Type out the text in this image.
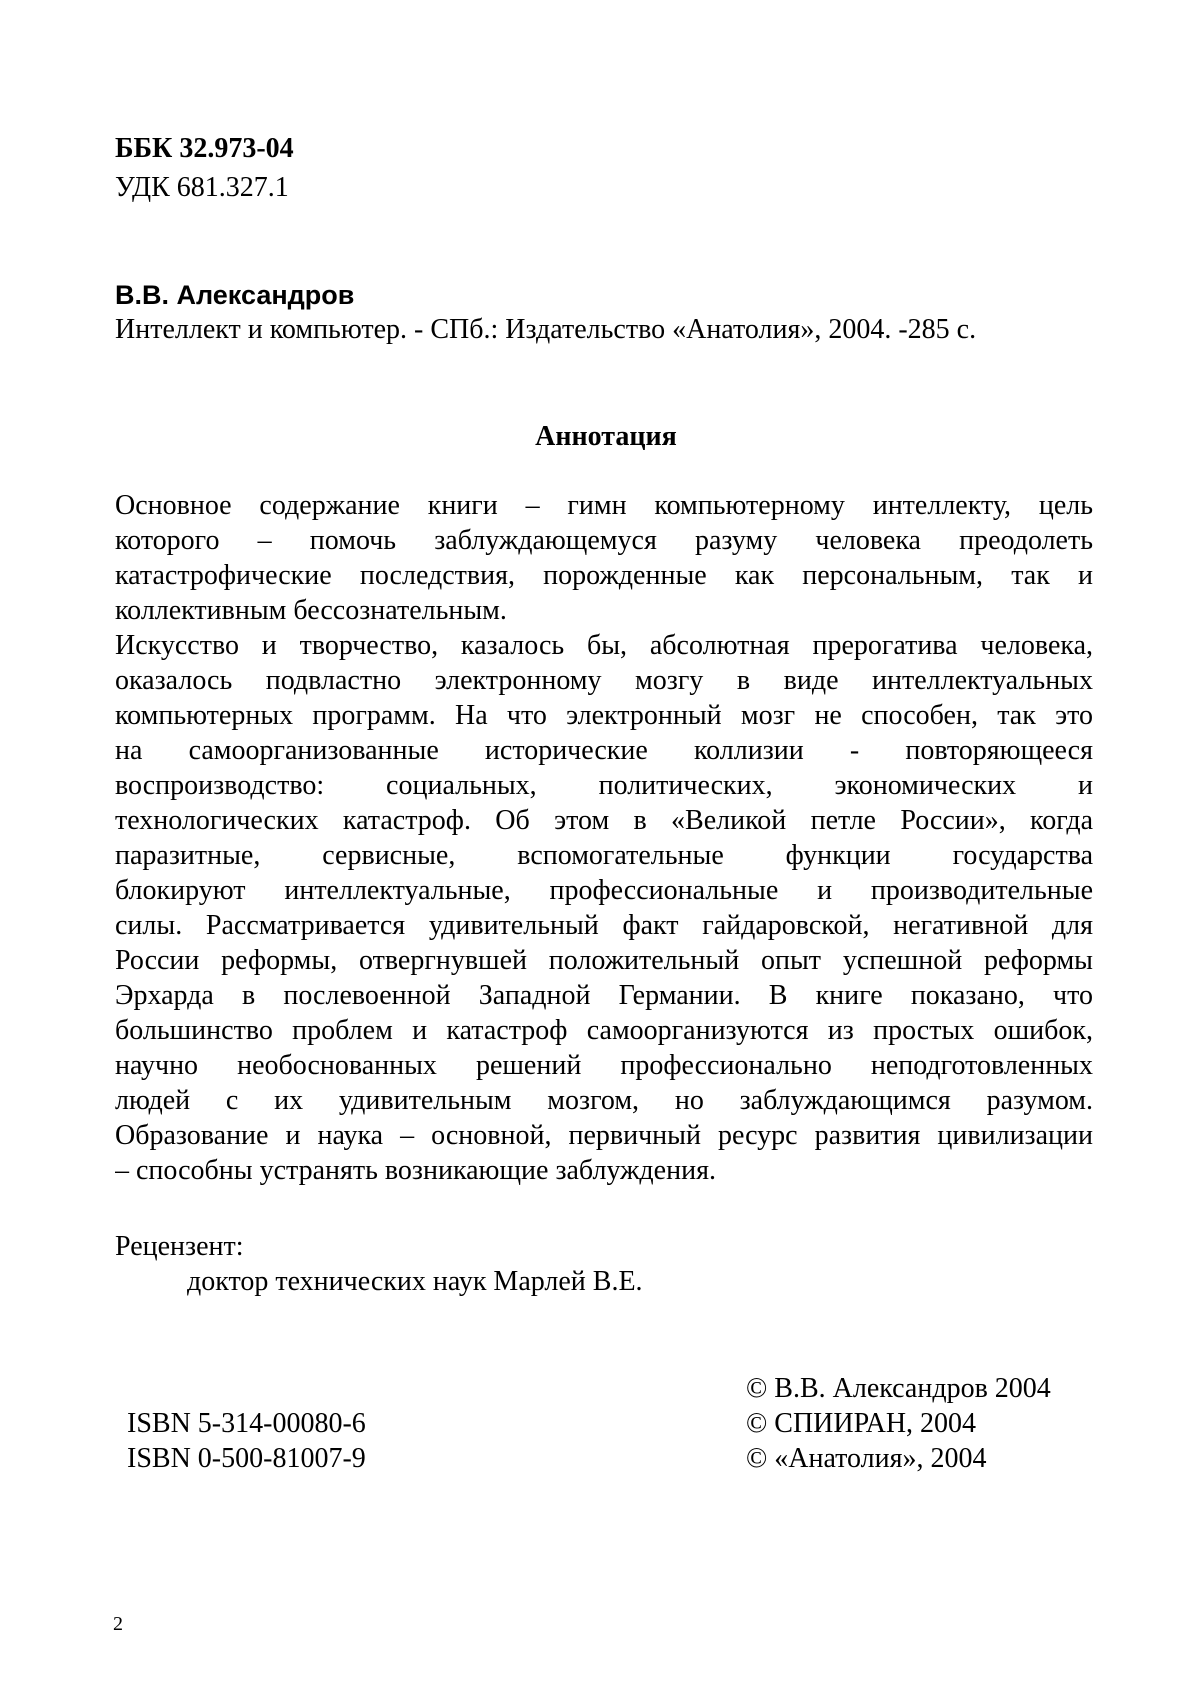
ББК 32.973-04
УДК 681.327.1
В.В. Александров
Интеллект и компьютер. - СПб.: Издательство «Анатолия», 2004. -285 с.
Аннотация
Основное содержание книги – гимн компьютерному интеллекту, цель
которого – помочь заблуждающемуся разуму человека преодолеть
катастрофические последствия, порожденные как персональным, так и
коллективным бессознательным.
Искусство и творчество, казалось бы, абсолютная прерогатива человека,
оказалось подвластно электронному мозгу в виде интеллектуальных
компьютерных программ. На что электронный мозг не способен, так это
на самоорганизованные исторические коллизии - повторяющееся
воспроизводство: социальных, политических, экономических и
технологических катастроф. Об этом в «Великой петле России», когда
паразитные, сервисные, вспомогательные функции государства
блокируют интеллектуальные, профессиональные и производительные
силы. Рассматривается удивительный факт гайдаровской, негативной для
России реформы, отвергнувшей положительный опыт успешной реформы
Эрхарда в послевоенной Западной Германии. В книге показано, что
большинство проблем и катастроф самоорганизуются из простых ошибок,
научно необоснованных решений профессионально неподготовленных
людей с их удивительным мозгом, но заблуждающимся разумом.
Образование и наука – основной, первичный ресурс развития цивилизации
– способны устранять возникающие заблуждения.
Рецензент:
доктор технических наук Марлей В.Е.
ISBN 5-314-00080-6
ISBN 0-500-81007-9
© В.В. Александров 2004
© СПИИРАН, 2004
© «Анатолия», 2004
2
